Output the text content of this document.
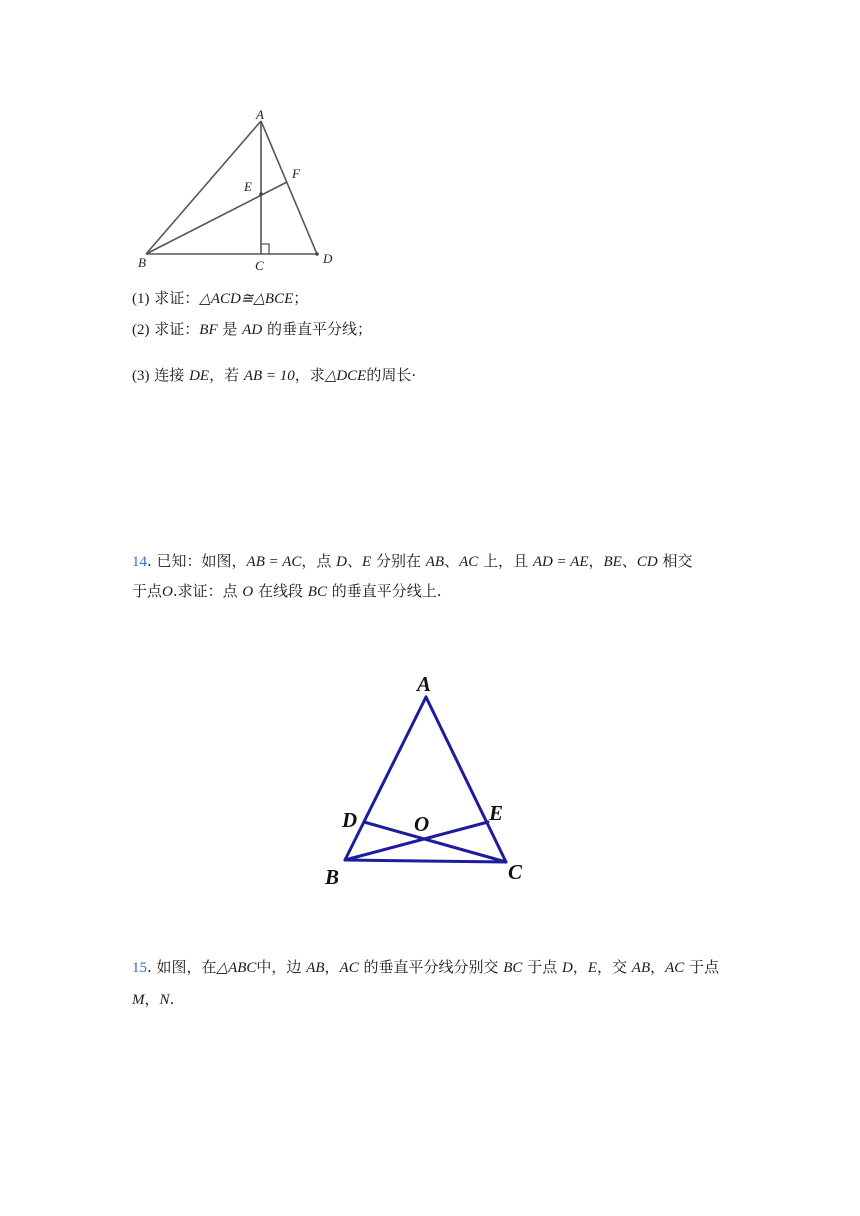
A
E
F
B	C	D
(1) 求证：△ACD≅△BCE；
(2) 求证：BF 是 AD 的垂直平分线；
(3) 连接 DE，若 AB = 10，求△DCE的周长·
14. 已知：如图，AB = AC，点 D、E 分别在 AB、AC 上，且 AD = AE，BE、CD 相交
于点O.求证：点 O 在线段 BC 的垂直平分线上.
A
D	O	E
B	C
15. 如图，在△ABC中，边 AB，AC 的垂直平分线分别交 BC 于点 D，E，交 AB，AC 于点
M，N.
